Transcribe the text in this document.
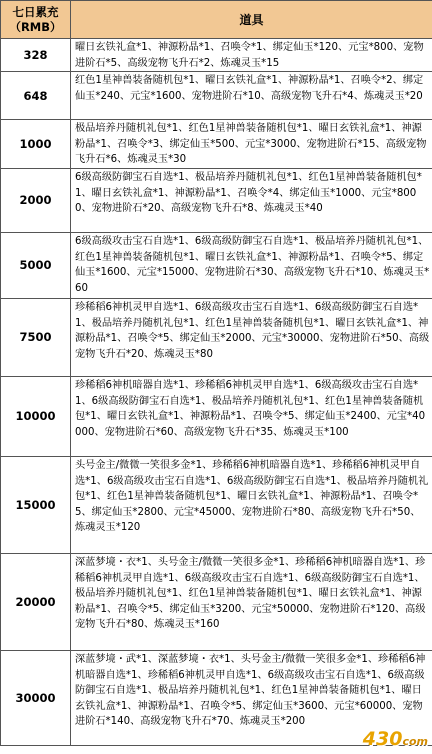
七日累充
（RMB）	道具
328	曜日玄铁礼盒*1、神源粉晶*1、召唤令*1、绑定仙玉*120、元宝*800、宠物进阶石*5、高级宠物飞升石*2、炼魂灵玉*15
648	红色1星神兽装备随机包*1、曜日玄铁礼盒*1、神源粉晶*1、召唤令*2、绑定仙玉*240、元宝*1600、宠物进阶石*10、高级宠物飞升石*4、炼魂灵玉*20
1000	极品培养丹随机礼包*1、红色1星神兽装备随机包*1、曜日玄铁礼盒*1、神源粉晶*1、召唤令*3、绑定仙玉*500、元宝*3000、宠物进阶石*15、高级宠物飞升石*6、炼魂灵玉*30
2000	6级高级防御宝石自选*1、极品培养丹随机礼包*1、红色1星神兽装备随机包*1、曜日玄铁礼盒*1、神源粉晶*1、召唤令*4、绑定仙玉*1000、元宝*8000、宠物进阶石*20、高级宠物飞升石*8、炼魂灵玉*40
5000	6级高级攻击宝石自选*1、6级高级防御宝石自选*1、极品培养丹随机礼包*1、红色1星神兽装备随机包*1、曜日玄铁礼盒*1、神源粉晶*1、召唤令*5、绑定仙玉*1600、元宝*15000、宠物进阶石*30、高级宠物飞升石*10、炼魂灵玉*60
7500	珍稀稻6神机灵甲自选*1、6级高级攻击宝石自选*1、6级高级防御宝石自选*1、极品培养丹随机礼包*1、红色1星神兽装备随机包*1、曜日玄铁礼盒*1、神源粉晶*1、召唤令*5、绑定仙玉*2000、元宝*30000、宠物进阶石*50、高级宠物飞升石*20、炼魂灵玉*80
10000	珍稀稻6神机暗器自选*1、珍稀稻6神机灵甲自选*1、6级高级攻击宝石自选*1、6级高级防御宝石自选*1、极品培养丹随机礼包*1、红色1星神兽装备随机包*1、曜日玄铁礼盒*1、神源粉晶*1、召唤令*5、绑定仙玉*2400、元宝*40000、宠物进阶石*60、高级宠物飞升石*35、炼魂灵玉*100
15000	头号金主/微微一笑很多金*1、珍稀稻6神机暗器自选*1、珍稀稻6神机灵甲自选*1、6级高级攻击宝石自选*1、6级高级防御宝石自选*1、极品培养丹随机礼包*1、红色1星神兽装备随机包*1、曜日玄铁礼盒*1、神源粉晶*1、召唤令*5、绑定仙玉*2800、元宝*45000、宠物进阶石*80、高级宠物飞升石*50、炼魂灵玉*120
20000	深蓝梦境・衣*1、头号金主/微微一笑很多金*1、珍稀稻6神机暗器自选*1、珍稀稻6神机灵甲自选*1、6级高级攻击宝石自选*1、6级高级防御宝石自选*1、极品培养丹随机礼包*1、红色1星神兽装备随机包*1、曜日玄铁礼盒*1、神源粉晶*1、召唤令*5、绑定仙玉*3200、元宝*50000、宠物进阶石*120、高级宠物飞升石*80、炼魂灵玉*160
30000	深蓝梦境・武*1、深蓝梦境・衣*1、头号金主/微微一笑很多金*1、珍稀稻6神机暗器自选*1、珍稀稻6神机灵甲自选*1、6级高级攻击宝石自选*1、6级高级防御宝石自选*1、极品培养丹随机礼包*1、红色1星神兽装备随机包*1、曜日玄铁礼盒*1、神源粉晶*1、召唤令*5、绑定仙玉*3600、元宝*60000、宠物进阶石*140、高级宠物飞升石*70、炼魂灵玉*200
430com
